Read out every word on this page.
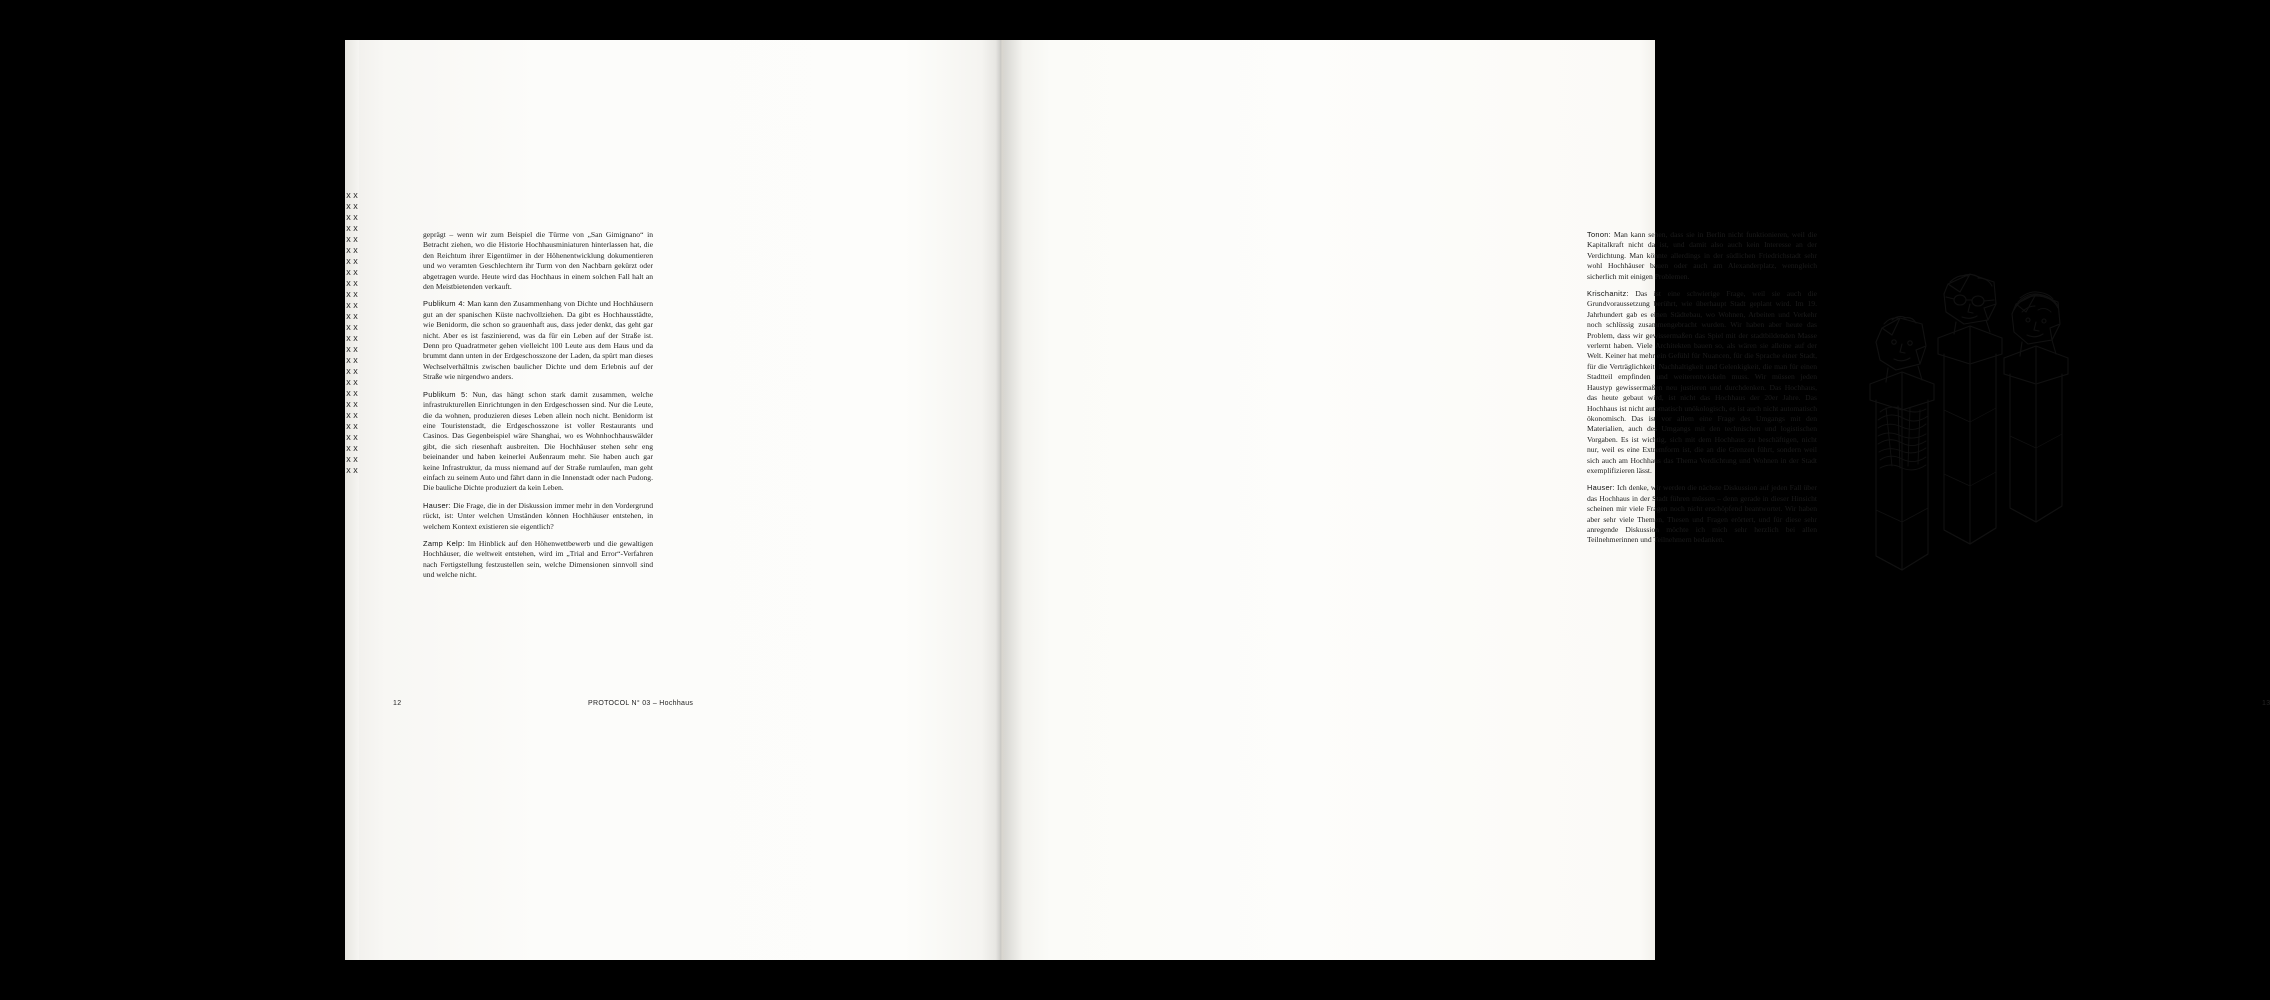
x x x x x x x x x x x x x x x x x x x x x x x x x x x x x x x x x x x x x x x x x x x x x x x x x x x x

geprägt – wenn wir zum Beispiel die Türme von „San Gimignano“ in Betracht ziehen, wo die Historie Hochhausminiaturen hinterlassen hat, die den Reichtum ihrer Eigentümer in der Höhenentwicklung dokumentieren und wo veramten Geschlechtern ihr Turm von den Nachbarn gekürzt oder abgetragen wurde. Heute wird das Hochhaus in einem solchen Fall halt an den Meistbietenden verkauft.

Publikum 4: Man kann den Zusammenhang von Dichte und Hochhäusern gut an der spanischen Küste nachvollziehen. Da gibt es Hochhausstädte, wie Benidorm, die schon so grauenhaft aus, dass jeder denkt, das geht gar nicht. Aber es ist faszinierend, was da für ein Leben auf der Straße ist. Denn pro Quadratmeter gehen vielleicht 100 Leute aus dem Haus und da brummt dann unten in der Erdgeschosszone der Laden, da spürt man dieses Wechselverhältnis zwischen baulicher Dichte und dem Erlebnis auf der Straße wie nirgendwo anders.

Publikum 5: Nun, das hängt schon stark damit zusammen, welche infrastrukturellen Einrichtungen in den Erdgeschossen sind. Nur die Leute, die da wohnen, produzieren dieses Leben allein noch nicht. Benidorm ist eine Touristenstadt, die Erdgeschosszone ist voller Restaurants und Casinos. Das Gegenbeispiel wäre Shanghai, wo es Wohnhochhauswälder gibt, die sich riesenhaft ausbreiten. Die Hochhäuser stehen sehr eng beieinander und haben keinerlei Außenraum mehr. Sie haben auch gar keine Infrastruktur, da muss niemand auf der Straße rumlaufen, man geht einfach zu seinem Auto und fährt dann in die Innenstadt oder nach Pudong. Die bauliche Dichte produziert da kein Leben.

Hauser: Die Frage, die in der Diskussion immer mehr in den Vordergrund rückt, ist: Unter welchen Umständen können Hochhäuser entstehen, in welchem Kontext existieren sie eigentlich?

Zamp Kelp: Im Hinblick auf den Höhenwettbewerb und die gewaltigen Hochhäuser, die weltweit entstehen, wird im „Trial and Error“-Verfahren nach Fertigstellung festzustellen sein, welche Dimensionen sinnvoll sind und welche nicht.

12	PROTOCOL N° 03 – Hochhaus

Tonon: Man kann sehen, dass sie in Berlin nicht funktionieren, weil die Kapitalkraft nicht da ist, und damit also auch kein Interesse an der Verdichtung. Man könnte allerdings in der südlichen Friedrichstadt sehr wohl Hochhäuser bauen oder auch am Alexanderplatz, wenngleich sicherlich mit einigen Problemen.

Krischanitz: Das ist eine schwierige Frage, weil sie auch die Grundvoraussetzung berührt, wie überhaupt Stadt geplant wird. Im 19. Jahrhundert gab es einen Städtebau, wo Wohnen, Arbeiten und Verkehr noch schlüssig zusammengebracht wurden. Wir haben aber heute das Problem, dass wir gewissermaßen das Spiel mit der stadtbildenden Masse verlernt haben. Viele Architekten bauen so, als wären sie alleine auf der Welt. Keiner hat mehr ein Gefühl für Nuancen, für die Sprache einer Stadt, für die Verträglichkeit, Nachhaltigkeit und Gelenkigkeit, die man für einen Stadtteil empfinden und weiterentwickeln muss. Wir müssen jeden Haustyp gewissermaßen neu justieren und durchdenken. Das Hochhaus, das heute gebaut wird, ist nicht das Hochhaus der 20er Jahre. Das Hochhaus ist nicht automatisch unökologisch, es ist auch nicht automatisch ökonomisch. Das ist vor allem eine Frage des Umgangs mit den Materialien, auch des Umgangs mit den technischen und logistischen Vorgaben. Es ist wichtig, sich mit dem Hochhaus zu beschäftigen, nicht nur, weil es eine Extremform ist, die an die Grenzen führt, sondern weil sich auch am Hochhaus das Thema Verdichtung und Wohnen in der Stadt exemplifizieren lässt.

Hauser: Ich denke, wir werden die nächste Diskussion auf jeden Fall über das Hochhaus in der Stadt führen müssen – denn gerade in dieser Hinsicht scheinen mir viele Fragen noch nicht erschöpfend beantwortet. Wir haben aber sehr viele Themen, Thesen und Fragen erörtert, und für diese sehr anregende Diskussion möchte ich mich sehr herzlich bei allen Teilnehmerinnen und Teilnehmern bedanken.

13
